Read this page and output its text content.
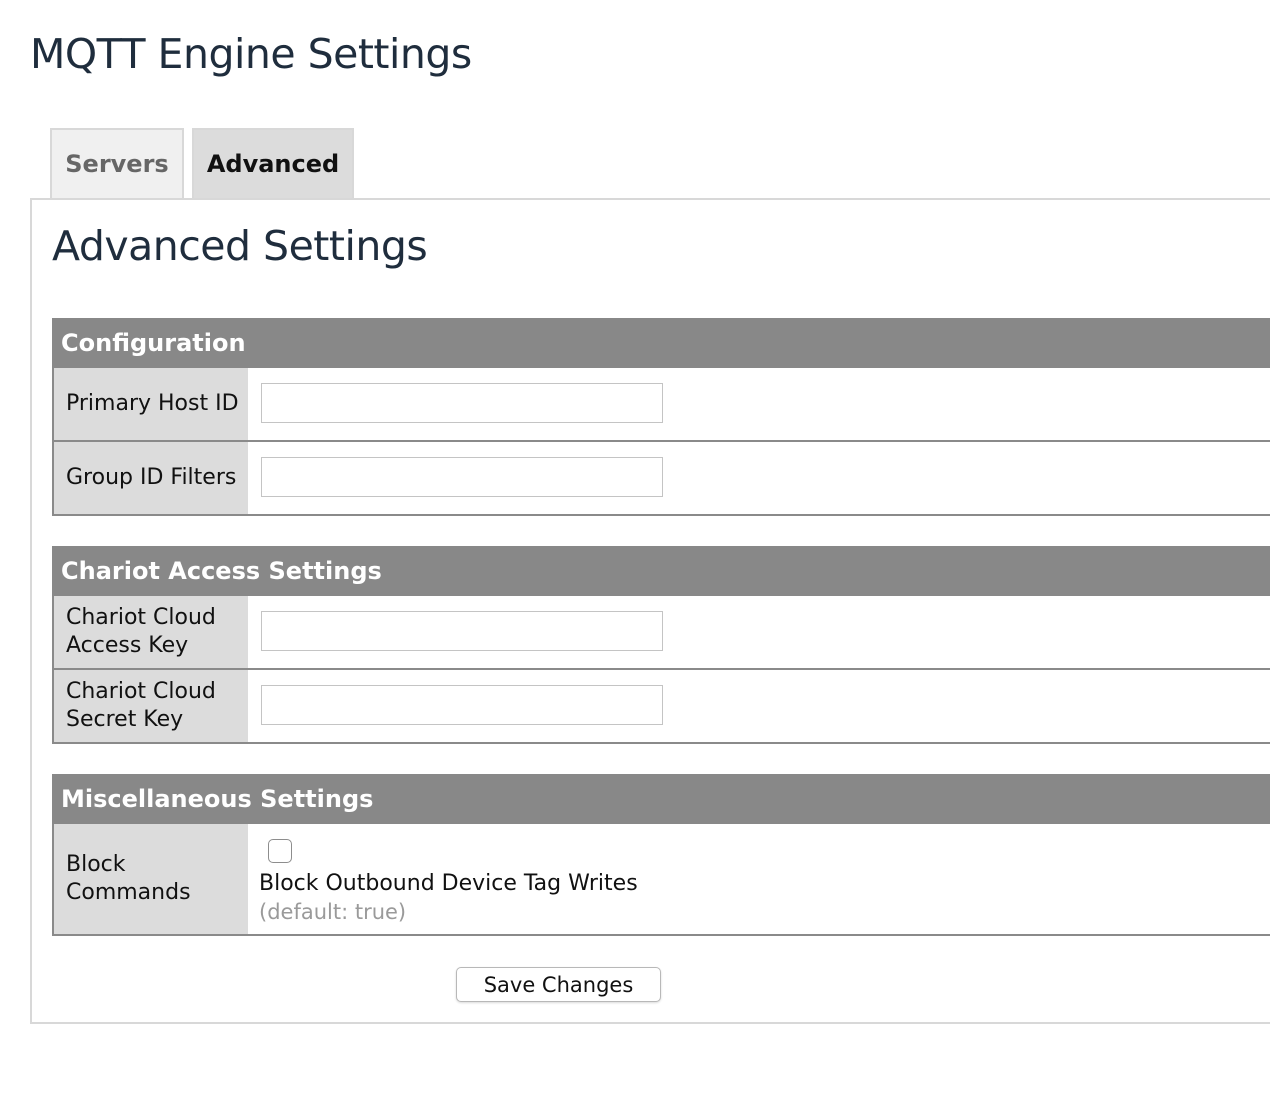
MQTT Engine Settings
Servers	Advanced
Advanced Settings
Configuration
Primary Host ID
Group ID Filters
Chariot Access Settings
Chariot Cloud Access Key
Chariot Cloud Secret Key
Miscellaneous Settings
Block Commands	Block Outbound Device Tag Writes
(default: true)
Save Changes
